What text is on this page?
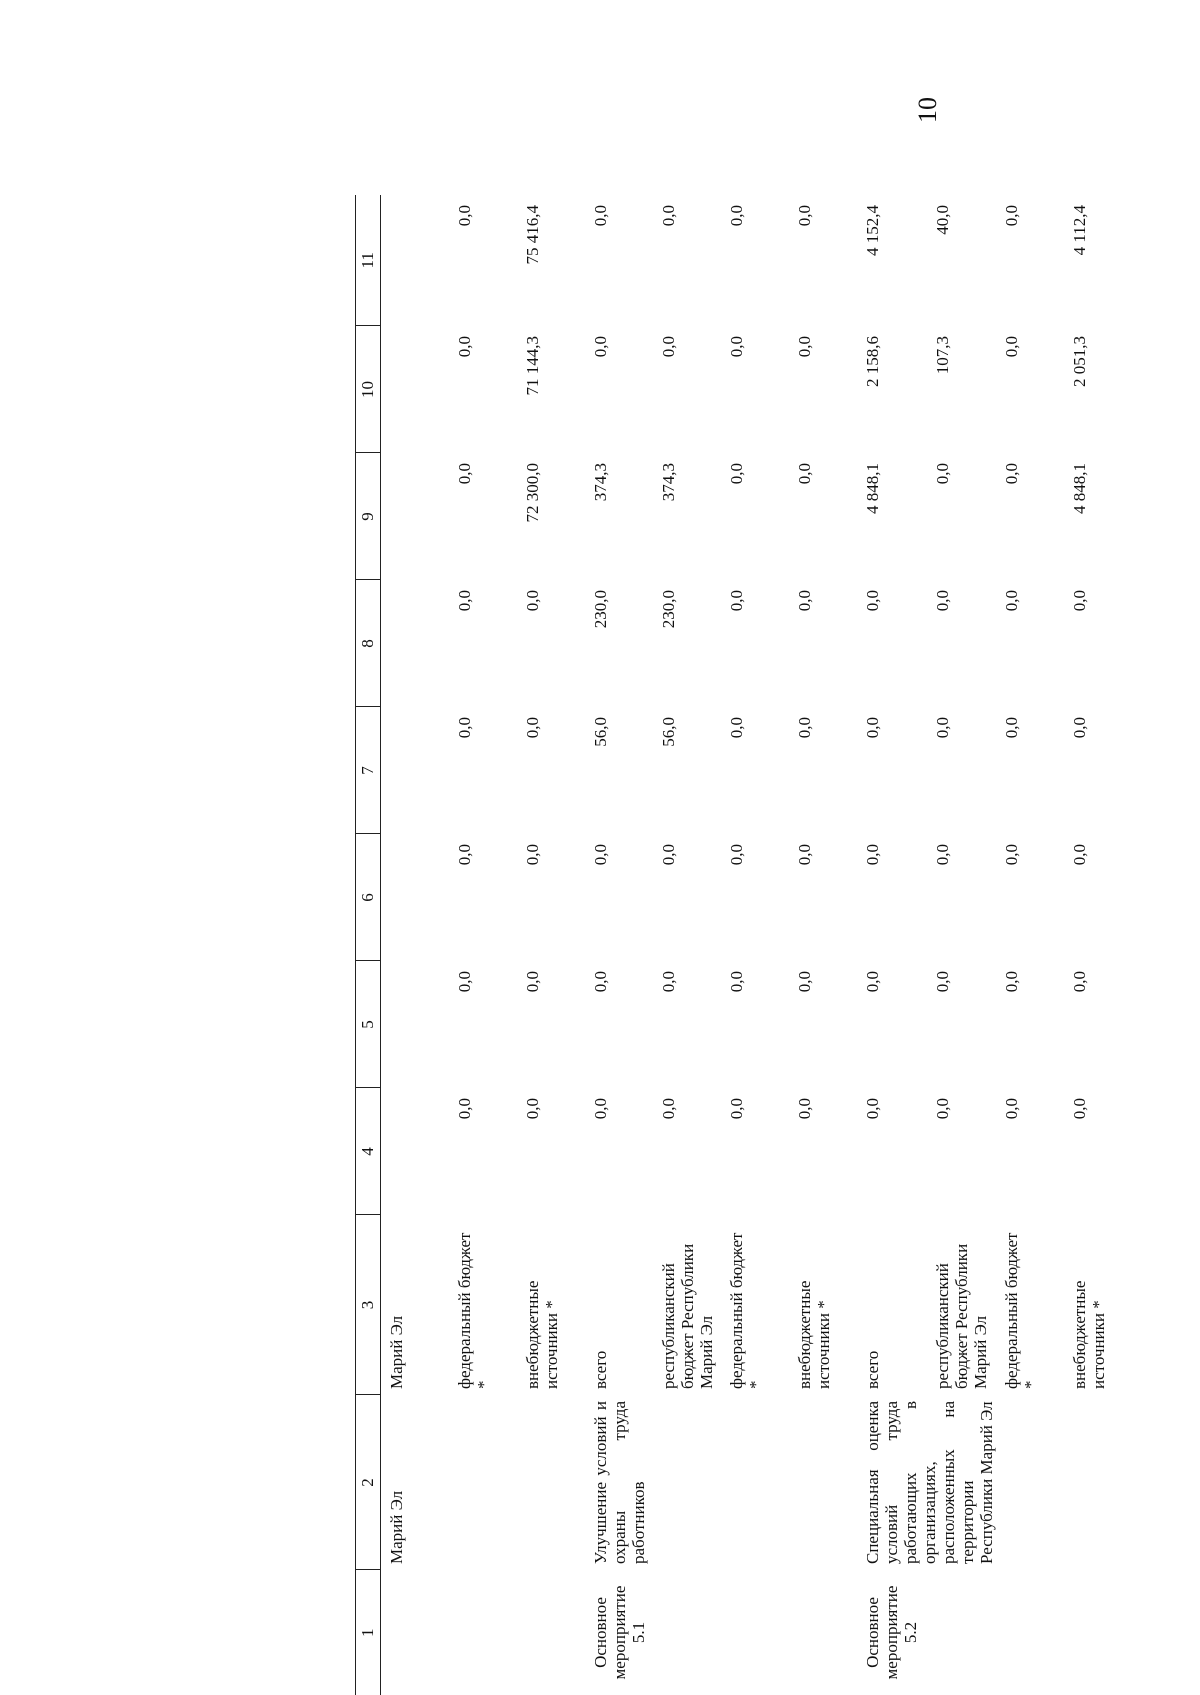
10
1	2	3	4	5	6	7	8	9	10	11
	Марий Эл	Марий Эл								
		федеральный бюджет *	0,0	0,0	0,0	0,0	0,0	0,0	0,0	0,0
		внебюджетные источники *	0,0	0,0	0,0	0,0	0,0	72 300,0	71 144,3	75 416,4
Основное мероприятие 5.1	Улучшение условий и охраны труда работников	всего	0,0	0,0	0,0	56,0	230,0	374,3	0,0	0,0
		республиканский бюджет Республики Марий Эл	0,0	0,0	0,0	56,0	230,0	374,3	0,0	0,0
		федеральный бюджет *	0,0	0,0	0,0	0,0	0,0	0,0	0,0	0,0
		внебюджетные источники *	0,0	0,0	0,0	0,0	0,0	0,0	0,0	0,0
Основное мероприятие 5.2	Специальная оценка условий труда работающих в организациях, расположенных на территории Республики Марий Эл	всего	0,0	0,0	0,0	0,0	0,0	4 848,1	2 158,6	4 152,4
		республиканский бюджет Республики Марий Эл	0,0	0,0	0,0	0,0	0,0	0,0	107,3	40,0
		федеральный бюджет *	0,0	0,0	0,0	0,0	0,0	0,0	0,0	0,0
		внебюджетные источники *	0,0	0,0	0,0	0,0	0,0	4 848,1	2 051,3	4 112,4
